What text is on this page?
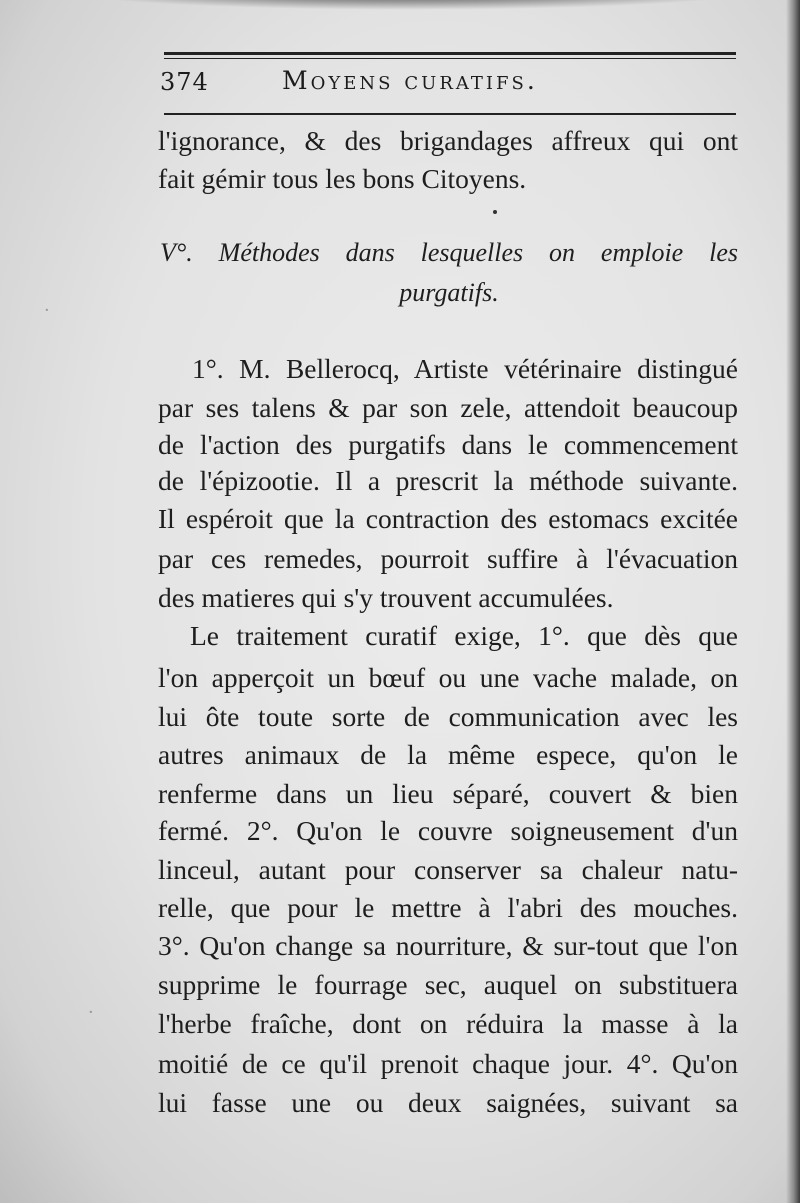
374	Moyens curatifs.
l'ignorance, & des brigandages affreux qui ont
fait gémir tous les bons Citoyens.
V°. Méthodes dans lesquelles on emploie les
purgatifs.
1°. M. Bellerocq, Artiste vétérinaire distingué
par ses talens & par son zele, attendoit beaucoup
de l'action des purgatifs dans le commencement
de l'épizootie. Il a prescrit la méthode suivante.
Il espéroit que la contraction des estomacs excitée
par ces remedes, pourroit suffire à l'évacuation
des matieres qui s'y trouvent accumulées.
Le traitement curatif exige, 1°. que dès que
l'on apperçoit un bœuf ou une vache malade, on
lui ôte toute sorte de communication avec les
autres animaux de la même espece, qu'on le
renferme dans un lieu séparé, couvert & bien
fermé. 2°. Qu'on le couvre soigneusement d'un
linceul, autant pour conserver sa chaleur natu-
relle, que pour le mettre à l'abri des mouches.
3°. Qu'on change sa nourriture, & sur-tout que l'on
supprime le fourrage sec, auquel on substituera
l'herbe fraîche, dont on réduira la masse à la
moitié de ce qu'il prenoit chaque jour. 4°. Qu'on
lui fasse une ou deux saignées, suivant sa
·
·
